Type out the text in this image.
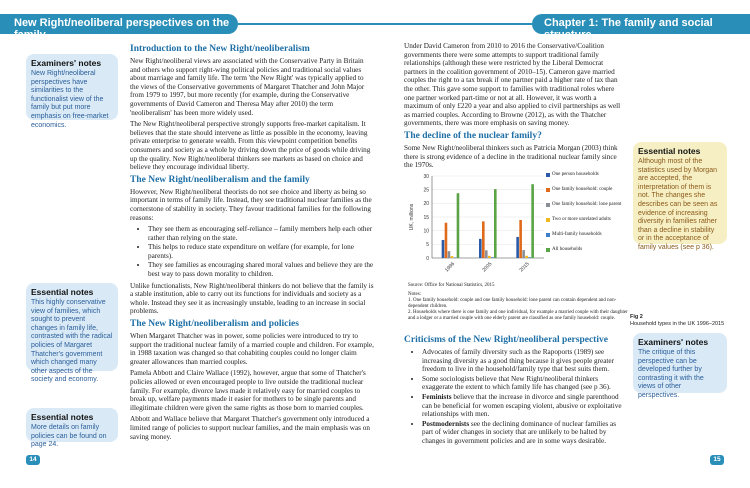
New Right/neoliberal perspectives on the family
Chapter 1: The family and social structure
Examiners' notes
New Right/neoliberal perspectives have similarities to the functionalist view of the family but put more emphasis on free-market economics.
Essential notes
This highly conservative view of families, which sought to prevent changes in family life, contrasted with the radical policies of Margaret Thatcher's government which changed many other aspects of the society and economy.
Essential notes
More details on family policies can be found on page 24.
Introduction to the New Right/neoliberalism
New Right/neoliberal views are associated with the Conservative Party in Britain and others who support right-wing political policies and traditional social values about marriage and family life. The term 'the New Right' was typically applied to the views of the Conservative governments of Margaret Thatcher and John Major from 1979 to 1997, but more recently (for example, during the Conservative governments of David Cameron and Theresa May after 2010) the term 'neoliberalism' has been more widely used.
The New Right/neoliberal perspective strongly supports free-market capitalism. It believes that the state should intervene as little as possible in the economy, leaving private enterprise to generate wealth. From this viewpoint competition benefits consumers and society as a whole by driving down the price of goods while driving up the quality. New Right/neoliberal thinkers see markets as based on choice and believe they encourage individual liberty.
The New Right/neoliberalism and the family
However, New Right/neoliberal theorists do not see choice and liberty as being so important in terms of family life. Instead, they see traditional nuclear families as the cornerstone of stability in society. They favour traditional families for the following reasons:
• They see them as encouraging self-reliance – family members help each other rather than relying on the state.
• This helps to reduce state expenditure on welfare (for example, for lone parents).
• They see families as encouraging shared moral values and believe they are the best way to pass down morality to children.
Unlike functionalists, New Right/neoliberal thinkers do not believe that the family is a stable institution, able to carry out its functions for individuals and society as a whole. Instead they see it as increasingly unstable, leading to an increase in social problems.
The New Right/neoliberalism and policies
When Margaret Thatcher was in power, some policies were introduced to try to support the traditional nuclear family of a married couple and children. For example, in 1988 taxation was changed so that cohabiting couples could no longer claim greater allowances than married couples.
Pamela Abbott and Claire Wallace (1992), however, argue that some of Thatcher's policies allowed or even encouraged people to live outside the traditional nuclear family. For example, divorce laws made it relatively easy for married couples to break up, welfare payments made it easier for mothers to be single parents and illegitimate children were given the same rights as those born to married couples.
Abbott and Wallace believe that Margaret Thatcher's government only introduced a limited range of policies to support nuclear families, and the main emphasis was on saving money.
Under David Cameron from 2010 to 2016 the Conservative/Coalition governments there were some attempts to support traditional family relationships (although these were restricted by the Liberal Democrat partners in the coalition government of 2010–15). Cameron gave married couples the right to a tax break if one partner paid a higher rate of tax than the other. This gave some support to families with traditional roles where one partner worked part-time or not at all. However, it was worth a maximum of only £220 a year and also applied to civil partnerships as well as married couples. According to Browne (2012), as with the Thatcher governments, there was more emphasis on saving money.
The decline of the nuclear family?
Some New Right/neoliberal thinkers such as Patricia Morgan (2003) think there is strong evidence of a decline in the traditional nuclear family since the 1970s.
0
5
10
15
20
25
30
UK, millions
1996	2005	2015
One person households
One family household: couple
One family household: lone parent
Two or more unrelated adults
Multi-family households
All households
Source: Office for National Statistics, 2015
Notes:
1. One family household: couple and one family household: lone parent can contain dependent and non-dependent children.
2. Households where there is one family and one individual, for example a married couple with their daughter and a lodger or a married couple with one elderly parent are classified as one family household: couple.	Fig 2
Household types in the UK 1996–2015
Criticisms of the New Right/neoliberal perspective
• Advocates of family diversity such as the Rapoports (1989) see increasing diversity as a good thing because it gives people greater freedom to live in the household/family type that best suits them.
• Some sociologists believe that New Right/neoliberal thinkers exaggerate the extent to which family life has changed (see p 36).
• Feminists believe that the increase in divorce and single parenthood can be beneficial for women escaping violent, abusive or exploitative relationships with men.
• Postmodernists see the declining dominance of nuclear families as part of wider changes in society that are unlikely to be halted by changes in government policies and are in some ways desirable.
Essential notes
Although most of the statistics used by Morgan are accepted, the interpretation of them is not. The changes she describes can be seen as evidence of increasing diversity in families rather than a decline in stability or in the acceptance of family values (see p 36).
Examiners' notes
The critique of this perspective can be developed further by contrasting it with the views of other perspectives.
14	15
